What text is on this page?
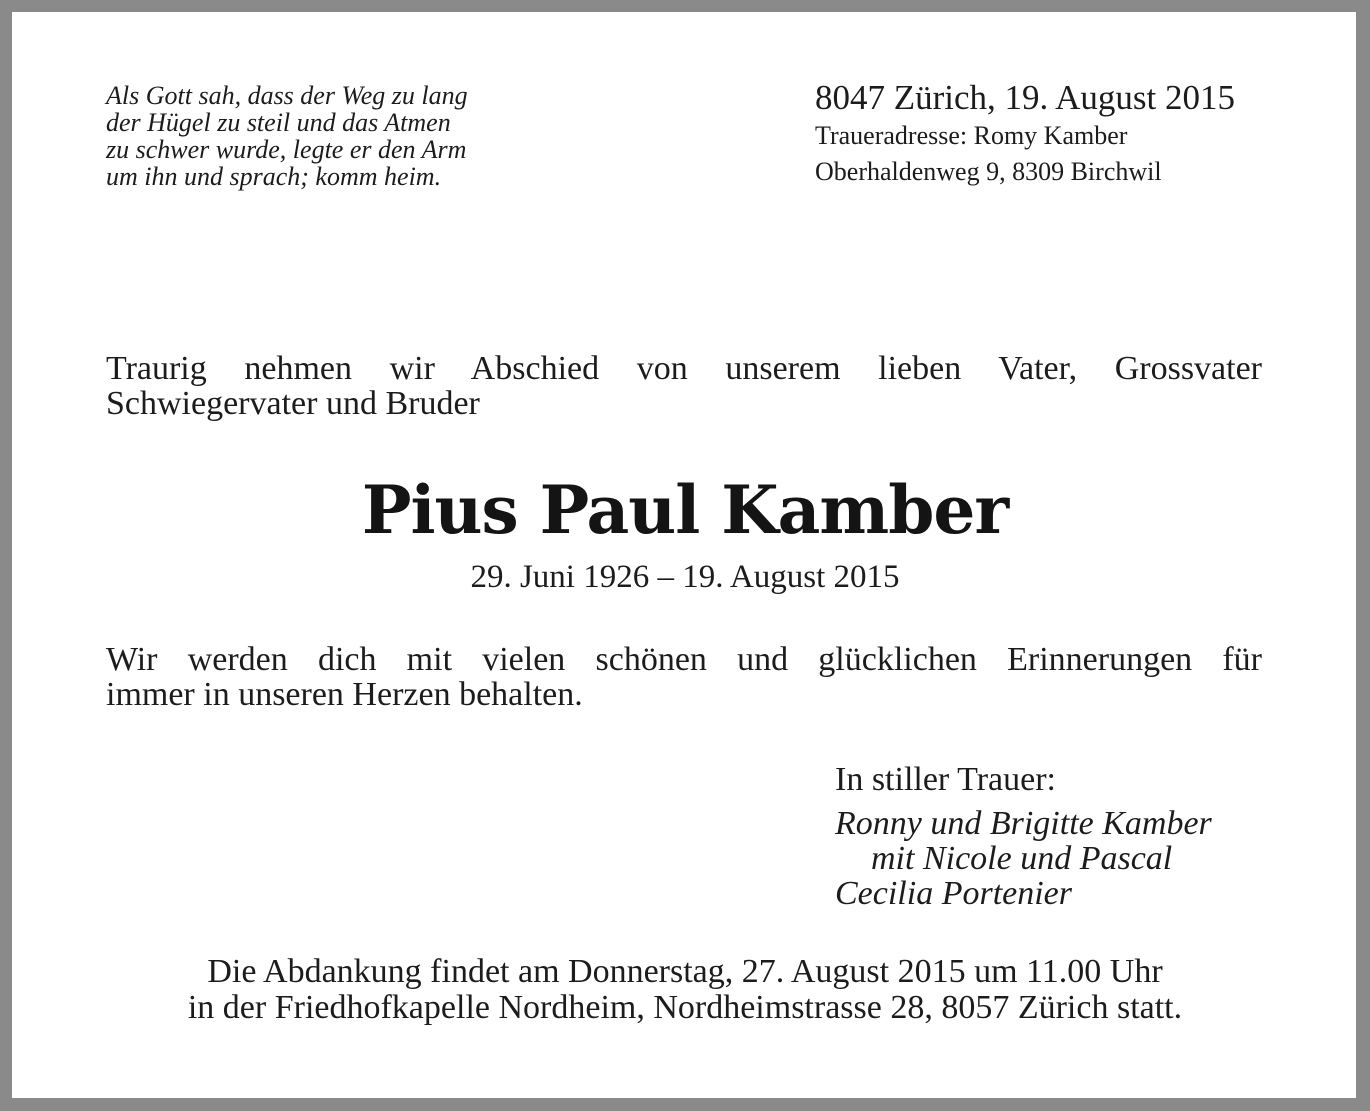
Als Gott sah, dass der Weg zu lang
der Hügel zu steil und das Atmen
zu schwer wurde, legte er den Arm
um ihn und sprach; komm heim.
8047 Zürich, 19. August 2015
Traueradresse: Romy Kamber
Oberhaldenweg 9, 8309 Birchwil
Traurig nehmen wir Abschied von unserem lieben Vater, Grossvater
Schwiegervater und Bruder
Pius Paul Kamber
29. Juni 1926 – 19. August 2015
Wir werden dich mit vielen schönen und glücklichen Erinnerungen für
immer in unseren Herzen behalten.
In stiller Trauer:
Ronny und Brigitte Kamber
mit Nicole und Pascal
Cecilia Portenier
Die Abdankung findet am Donnerstag, 27. August 2015 um 11.00 Uhr
in der Friedhofkapelle Nordheim, Nordheimstrasse 28, 8057 Zürich statt.
